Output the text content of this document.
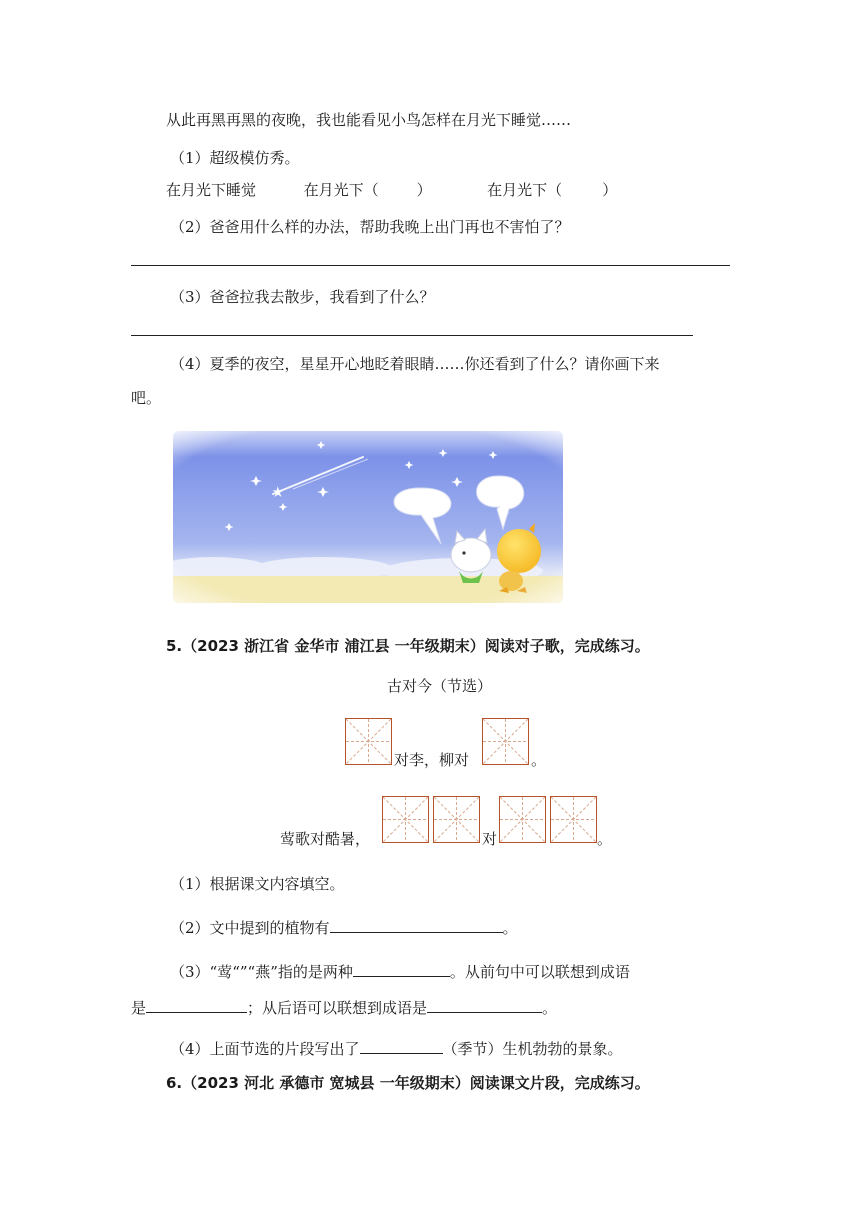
从此再黑再黑的夜晚，我也能看见小鸟怎样在月光下睡觉……
（1）超级模仿秀。
在月光下睡觉	在月光下（	）	在月光下（	）
（2）爸爸用什么样的办法，帮助我晚上出门再也不害怕了？
（3）爸爸拉我去散步，我看到了什么？
（4）夏季的夜空，星星开心地眨着眼睛……你还看到了什么？请你画下来
吧。
5.（2023 浙江省 金华市 浦江县 一年级期末）阅读对子歌，完成练习。
古对今（节选）
对李，柳对	。
莺歌对酷暑，	对	。
（1）根据课文内容填空。
（2）文中提到的植物有	。
（3）“莺“”“燕”指的是两种	。从前句中可以联想到成语
是	；从后语可以联想到成语是	。
（4）上面节选的片段写出了	（季节）生机勃勃的景象。
6.（2023 河北 承德市 宽城县 一年级期末）阅读课文片段，完成练习。
